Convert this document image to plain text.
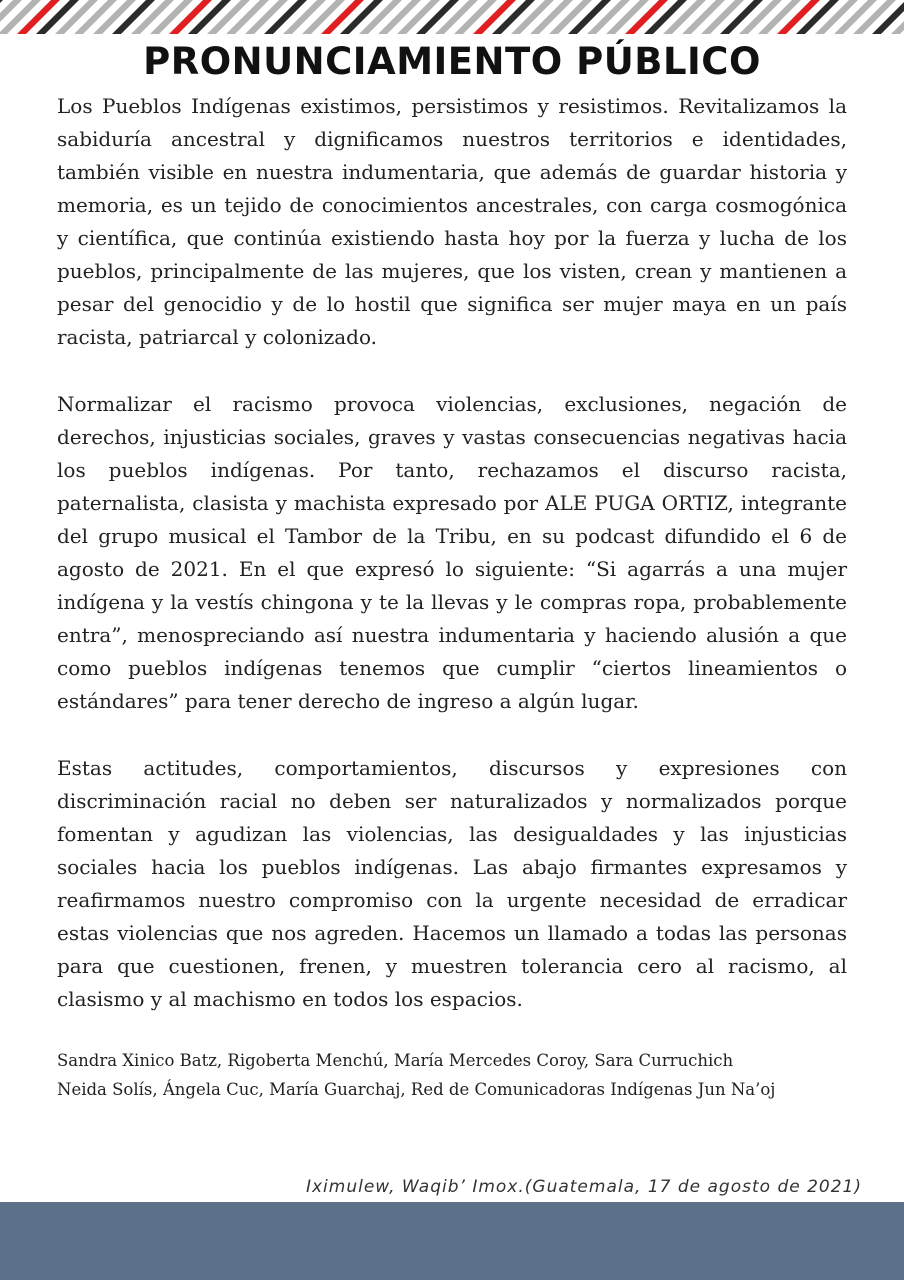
PRONUNCIAMIENTO PÚBLICO

Los Pueblos Indígenas existimos, persistimos y resistimos. Revitalizamos la sabiduría ancestral y dignificamos nuestros territorios e identidades, también visible en nuestra indumentaria, que además de guardar historia y memoria, es un tejido de conocimientos ancestrales, con carga cosmogónica y científica, que continúa existiendo hasta hoy por la fuerza y lucha de los pueblos, principalmente de las mujeres, que los visten, crean y mantienen a pesar del genocidio y de lo hostil que significa ser mujer maya en un país racista, patriarcal y colonizado.

Normalizar el racismo provoca violencias, exclusiones, negación de derechos, injusticias sociales, graves y vastas consecuencias negativas hacia los pueblos indígenas. Por tanto, rechazamos el discurso racista, paternalista, clasista y machista expresado por ALE PUGA ORTIZ, integrante del grupo musical el Tambor de la Tribu, en su podcast difundido el 6 de agosto de 2021. En el que expresó lo siguiente: “Si agarrás a una mujer indígena y la vestís chingona y te la llevas y le compras ropa, probablemente entra”, menospreciando así nuestra indumentaria y haciendo alusión a que como pueblos indígenas tenemos que cumplir “ciertos lineamientos o estándares” para tener derecho de ingreso a algún lugar.

Estas actitudes, comportamientos, discursos y expresiones con discriminación racial no deben ser naturalizados y normalizados porque fomentan y agudizan las violencias, las desigualdades y las injusticias sociales hacia los pueblos indígenas. Las abajo firmantes expresamos y reafirmamos nuestro compromiso con la urgente necesidad de erradicar estas violencias que nos agreden. Hacemos un llamado a todas las personas para que cuestionen, frenen, y muestren tolerancia cero al racismo, al clasismo y al machismo en todos los espacios.

Sandra Xinico Batz, Rigoberta Menchú, María Mercedes Coroy, Sara Curruchich
Neida Solís, Ángela Cuc, María Guarchaj, Red de Comunicadoras Indígenas Jun Na’oj
Iximulew, Waqib’ Imox.(Guatemala, 17 de agosto de 2021)
